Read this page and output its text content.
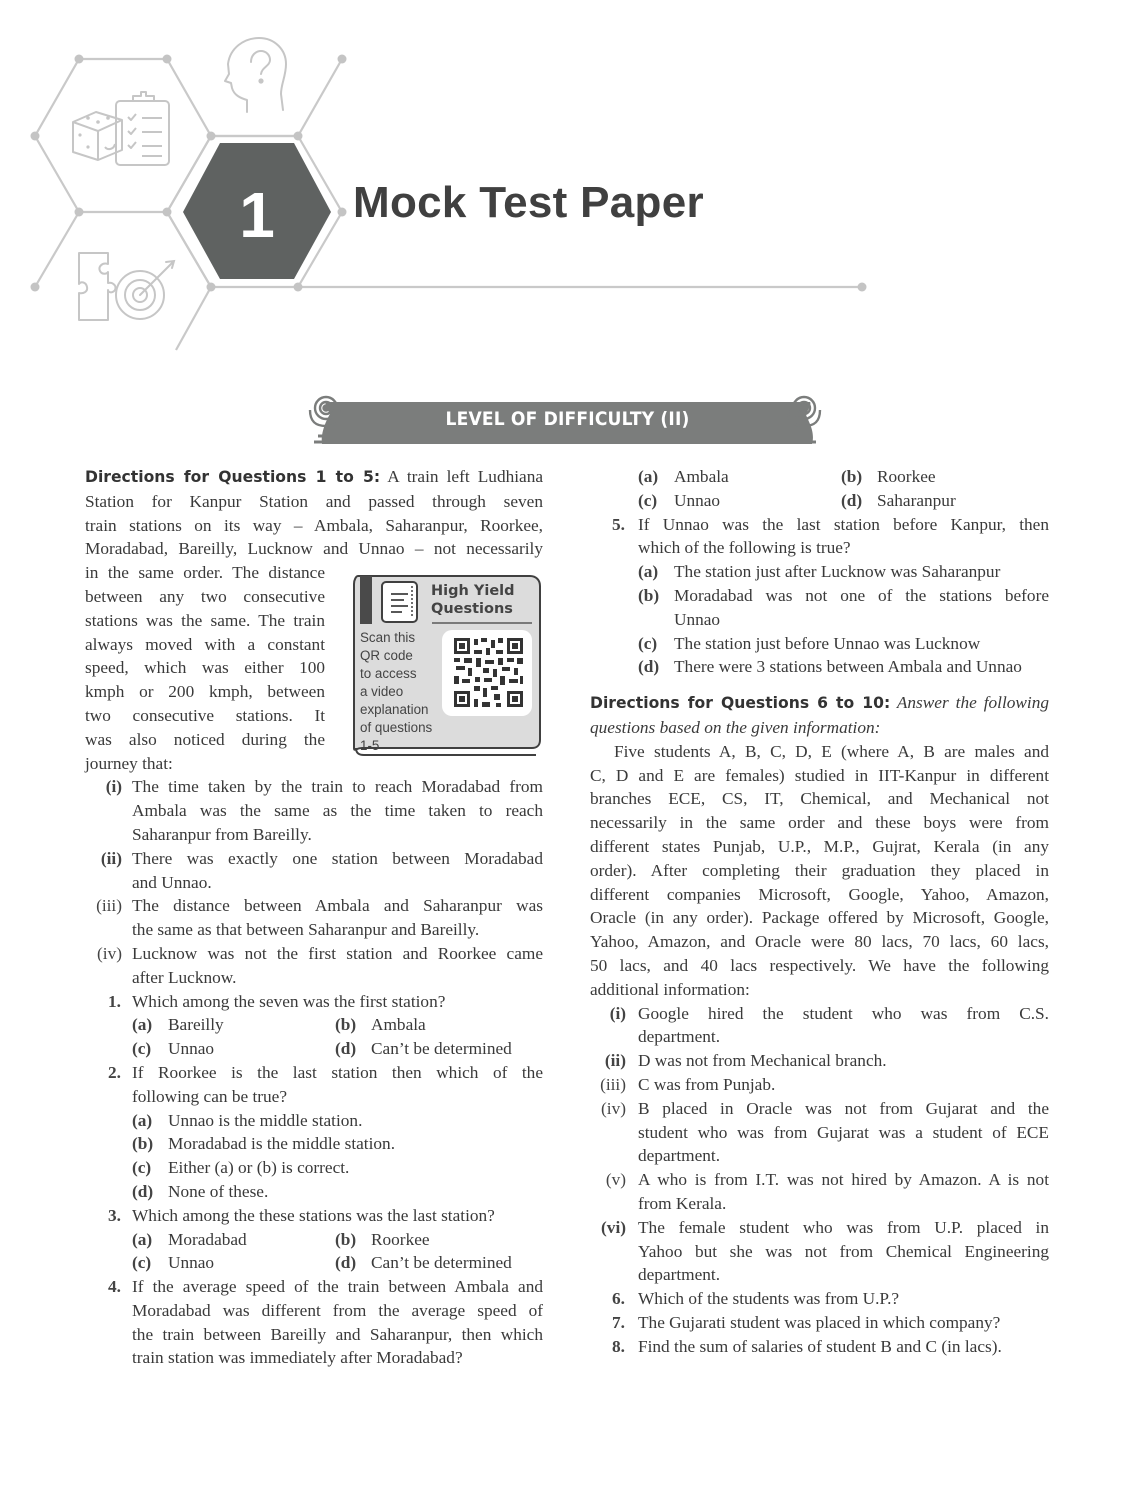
1	Mock Test Paper
LEVEL OF DIFFICULTY (II)
High Yield
Questions
Scan this
QR code
to access
a video
explanation
of questions
1-5

Directions for Questions 1 to 5: A train left Ludhiana

Station for Kanpur Station and passed through seven

train stations on its way – Ambala, Saharanpur, Roorkee,

Moradabad, Bareilly, Lucknow and Unnao – not necessarily

in the same order. The distance

between any two consecutive

stations was the same. The train

always moved with a constant

speed, which was either 100

kmph or 200 kmph, between

two consecutive stations. It

was also noticed during the

journey that:

(i) The time taken by the train to reach Moradabad from

Ambala was the same as the time taken to reach

Saharanpur from Bareilly.

(ii) There was exactly one station between Moradabad

and Unnao.

(iii) The distance between Ambala and Saharanpur was

the same as that between Saharanpur and Bareilly.

(iv) Lucknow was not the first station and Roorkee came

after Lucknow.

1. Which among the seven was the first station?

(a) Bareilly	(b) Ambala
(c) Unnao	(d) Can’t be determined
2. If Roorkee is the last station then which of the

following can be true?

(a) Unnao is the middle station.

(b) Moradabad is the middle station.

(c) Either (a) or (b) is correct.

(d) None of these.

3. Which among the these stations was the last station?

(a) Moradabad	(b) Roorkee
(c) Unnao	(d) Can’t be determined
4. If the average speed of the train between Ambala and

Moradabad was different from the average speed of

the train between Bareilly and Saharanpur, then which

train station was immediately after Moradabad?

(a) Ambala	(b) Roorkee
(c) Unnao	(d) Saharanpur
5. If Unnao was the last station before Kanpur, then

which of the following is true?

(a) The station just after Lucknow was Saharanpur

(b) Moradabad was not one of the stations before

Unnao

(c) The station just before Unnao was Lucknow

(d) There were 3 stations between Ambala and Unnao

Directions for Questions 6 to 10: Answer the following

questions based on the given information:

Five students A, B, C, D, E (where A, B are males and

C, D and E are females) studied in IIT-Kanpur in different

branches ECE, CS, IT, Chemical, and Mechanical not

necessarily in the same order and these boys were from

different states Punjab, U.P., M.P., Gujrat, Kerala (in any

order). After completing their graduation they placed in

different companies Microsoft, Google, Yahoo, Amazon,

Oracle (in any order). Package offered by Microsoft, Google,

Yahoo, Amazon, and Oracle were 80 lacs, 70 lacs, 60 lacs,

50 lacs, and 40 lacs respectively. We have the following

additional information:

(i) Google hired the student who was from C.S.

department.

(ii) D was not from Mechanical branch.

(iii) C was from Punjab.

(iv) B placed in Oracle was not from Gujarat and the

student who was from Gujarat was a student of ECE

department.

(v) A who is from I.T. was not hired by Amazon. A is not

from Kerala.

(vi) The female student who was from U.P. placed in

Yahoo but she was not from Chemical Engineering

department.

6. Which of the students was from U.P.?

7. The Gujarati student was placed in which company?

8. Find the sum of salaries of student B and C (in lacs).
